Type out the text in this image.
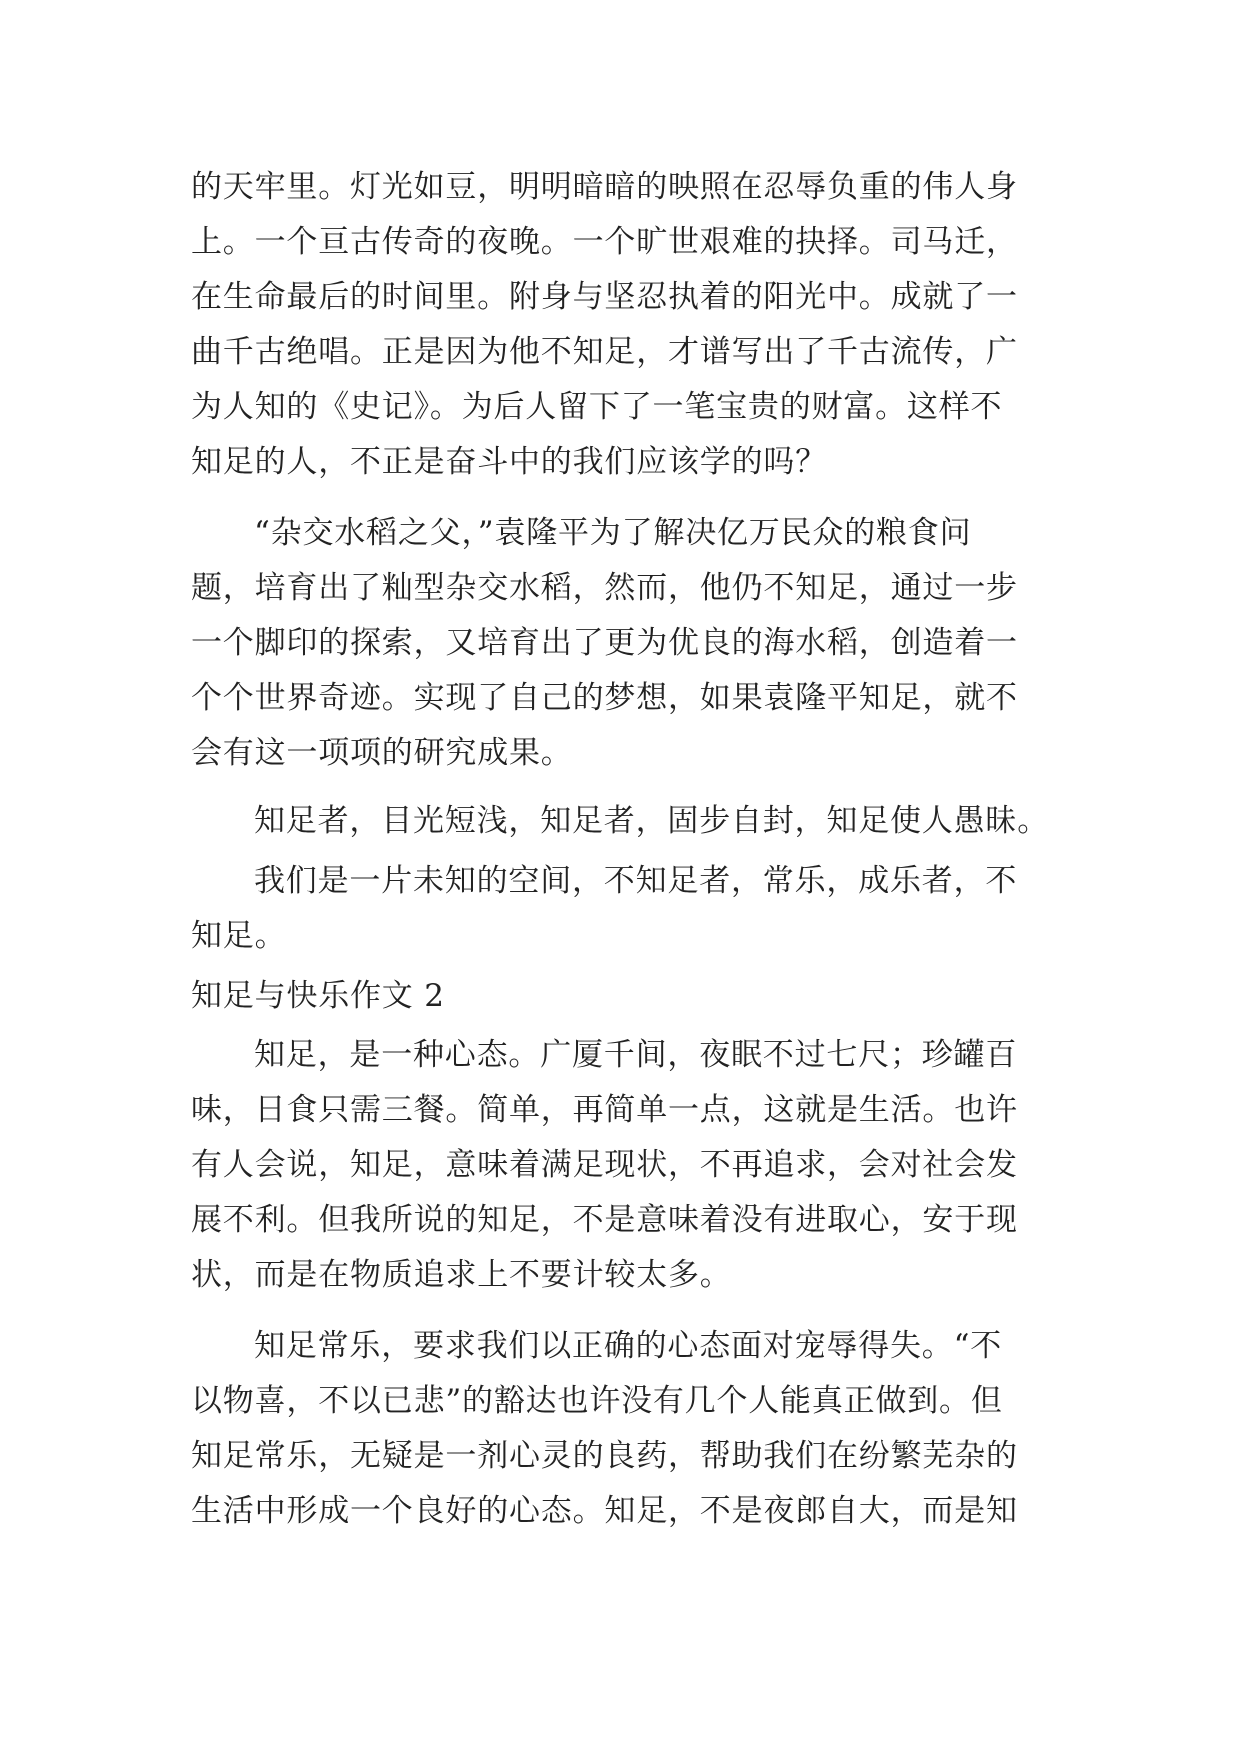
的天牢里。灯光如豆，明明暗暗的映照在忍辱负重的伟人身
上。一个亘古传奇的夜晚。一个旷世艰难的抉择。司马迁，
在生命最后的时间里。附身与坚忍执着的阳光中。成就了一
曲千古绝唱。正是因为他不知足，才谱写出了千古流传，广
为人知的《史记》。为后人留下了一笔宝贵的财富。这样不
知足的人，不正是奋斗中的我们应该学的吗？
“杂交水稻之父，”袁隆平为了解决亿万民众的粮食问
题，培育出了籼型杂交水稻，然而，他仍不知足，通过一步
一个脚印的探索，又培育出了更为优良的海水稻，创造着一
个个世界奇迹。实现了自己的梦想，如果袁隆平知足，就不
会有这一项项的研究成果。
知足者，目光短浅，知足者，固步自封，知足使人愚昧。
我们是一片未知的空间，不知足者，常乐，成乐者，不
知足。
知足与快乐作文 2
知足，是一种心态。广厦千间，夜眠不过七尺；珍罐百
味，日食只需三餐。简单，再简单一点，这就是生活。也许
有人会说，知足，意味着满足现状，不再追求，会对社会发
展不利。但我所说的知足，不是意味着没有进取心，安于现
状，而是在物质追求上不要计较太多。
知足常乐，要求我们以正确的心态面对宠辱得失。“不
以物喜，不以已悲”的豁达也许没有几个人能真正做到。但
知足常乐，无疑是一剂心灵的良药，帮助我们在纷繁芜杂的
生活中形成一个良好的心态。知足，不是夜郎自大，而是知
